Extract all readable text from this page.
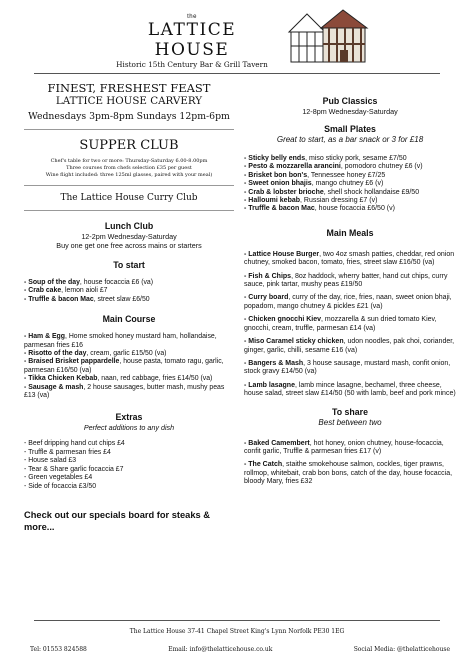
the
LATTICE HOUSE
Historic 15th Century Bar & Grill Tavern
FINEST, FRESHEST FEAST
LATTICE HOUSE CARVERY
Wednesdays 3pm-8pm Sundays 12pm-6pm
SUPPER CLUB
Chef's table for two or more: Thursday-Saturday 6.00-8.00pm
Three courses from chefs selection £35 per guest
Wine flight included: three 125ml glasses, paired with your meal)
The Lattice House Curry Club
Lunch Club
12-2pm Wednesday-Saturday
Buy one get one free across mains or starters
To start
- Soup of the day, house focaccia £6 (va)
- Crab cake, lemon aioli £7
- Truffle & bacon Mac, street slaw £6/50
Main Course
- Ham & Egg, Home smoked honey mustard ham, hollandaise, parmesan fries £16
- Risotto of the day, cream, garlic £15/50 (va)
- Braised Brisket pappardelle, house pasta, tomato ragu, garlic, parmesan £16/50 (va)
- Tikka Chicken Kebab, naan, red cabbage, fries £14/50 (va)
- Sausage & mash, 2 house sausages, butter mash, mushy peas £13 (va)
Extras
Perfect additions to any dish
- Beef dripping hand cut chips £4
- Truffle & parmesan fries £4
- House salad £3
- Tear & Share garlic focaccia £7
- Green vegetables £4
- Side of focaccia £3/50
Check out our specials board for steaks & more...
Pub Classics
12-8pm Wednesday-Saturday
Small Plates
Great to start, as a bar snack or 3 for £18
- Sticky belly ends, miso sticky pork, sesame £7/50
- Pesto & mozzarella arancini, pomodoro chutney £6 (v)
- Brisket bon bon's, Tennessee honey £7/25
- Sweet onion bhajis, mango chutney £6 (v)
- Crab & lobster brioche, shell shock hollandaise £9/50
- Halloumi kebab, Russian dressing £7 (v)
- Truffle & bacon Mac, house focaccia £6/50 (v)
Main Meals
- Lattice House Burger, two 4oz smash patties, cheddar, red onion chutney, smoked bacon, tomato, fries, street slaw £16/50 (va)
- Fish & Chips, 8oz haddock, wherry batter, hand cut chips, curry sauce, pink tartar, mushy peas £19/50
- Curry board, curry of the day, rice, fries, naan, sweet onion bhaji, popadom, mango chutney & pickles £21 (va)
- Chicken gnocchi Kiev, mozzarella & sun dried tomato Kiev, gnocchi, cream, truffle, parmesan £14 (va)
- Miso Caramel sticky chicken, udon noodles, pak choi, coriander, ginger, garlic, chilli, sesame £16 (va)
- Bangers & Mash, 3 house sausage, mustard mash, confit onion, stock gravy £14/50 (va)
- Lamb lasagne, lamb mince lasagne, bechamel, three cheese, house salad, street slaw £14/50 (50 with lamb, beef and pork mince)
To share
Best between two
- Baked Camembert, hot honey, onion chutney, house-focaccia, confit garlic, Truffle & parmesan fries £17 (v)
- The Catch, staithe smokehouse salmon, cockles, tiger prawns, rollmop, whitebait, crab bon bons, catch of the day, house focaccia, bloody Mary, fries £32
The Lattice House 37-41 Chapel Street King's Lynn Norfolk PE30 1EG
Tel: 01553 824588	Email: info@thelatticehouse.co.uk	Social Media: @thelatticehouse
